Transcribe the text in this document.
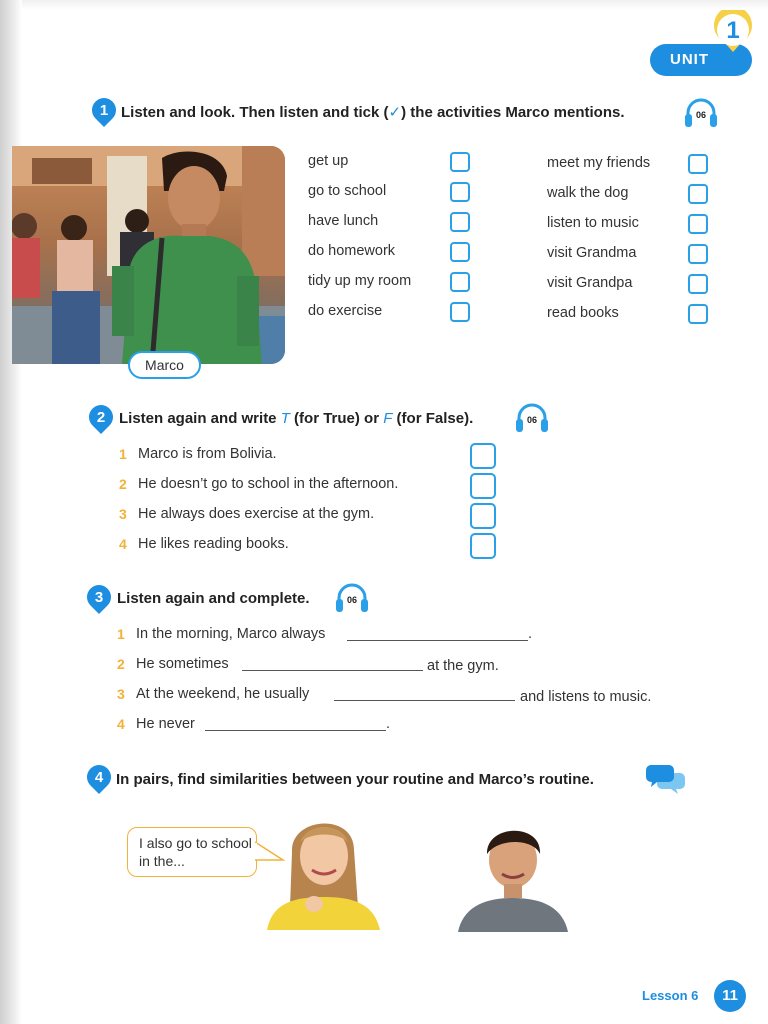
UNIT
1
1 Listen and look. Then listen and tick (✓) the activities Marco mentions.	06
Marco
get up
go to school
have lunch
do homework
tidy up my room
do exercise
meet my friends
walk the dog
listen to music
visit Grandma
visit Grandpa
read books
2 Listen again and write T (for True) or F (for False).	06
1 Marco is from Bolivia.
2 He doesn’t go to school in the afternoon.
3 He always does exercise at the gym.
4 He likes reading books.
3 Listen again and complete.	06
1 In the morning, Marco always	.
2 He sometimes	at the gym.
3 At the weekend, he usually	and listens to music.
4 He never	.
4 In pairs, find similarities between your routine and Marco’s routine.
I also go to school in the...
Lesson 6	11
